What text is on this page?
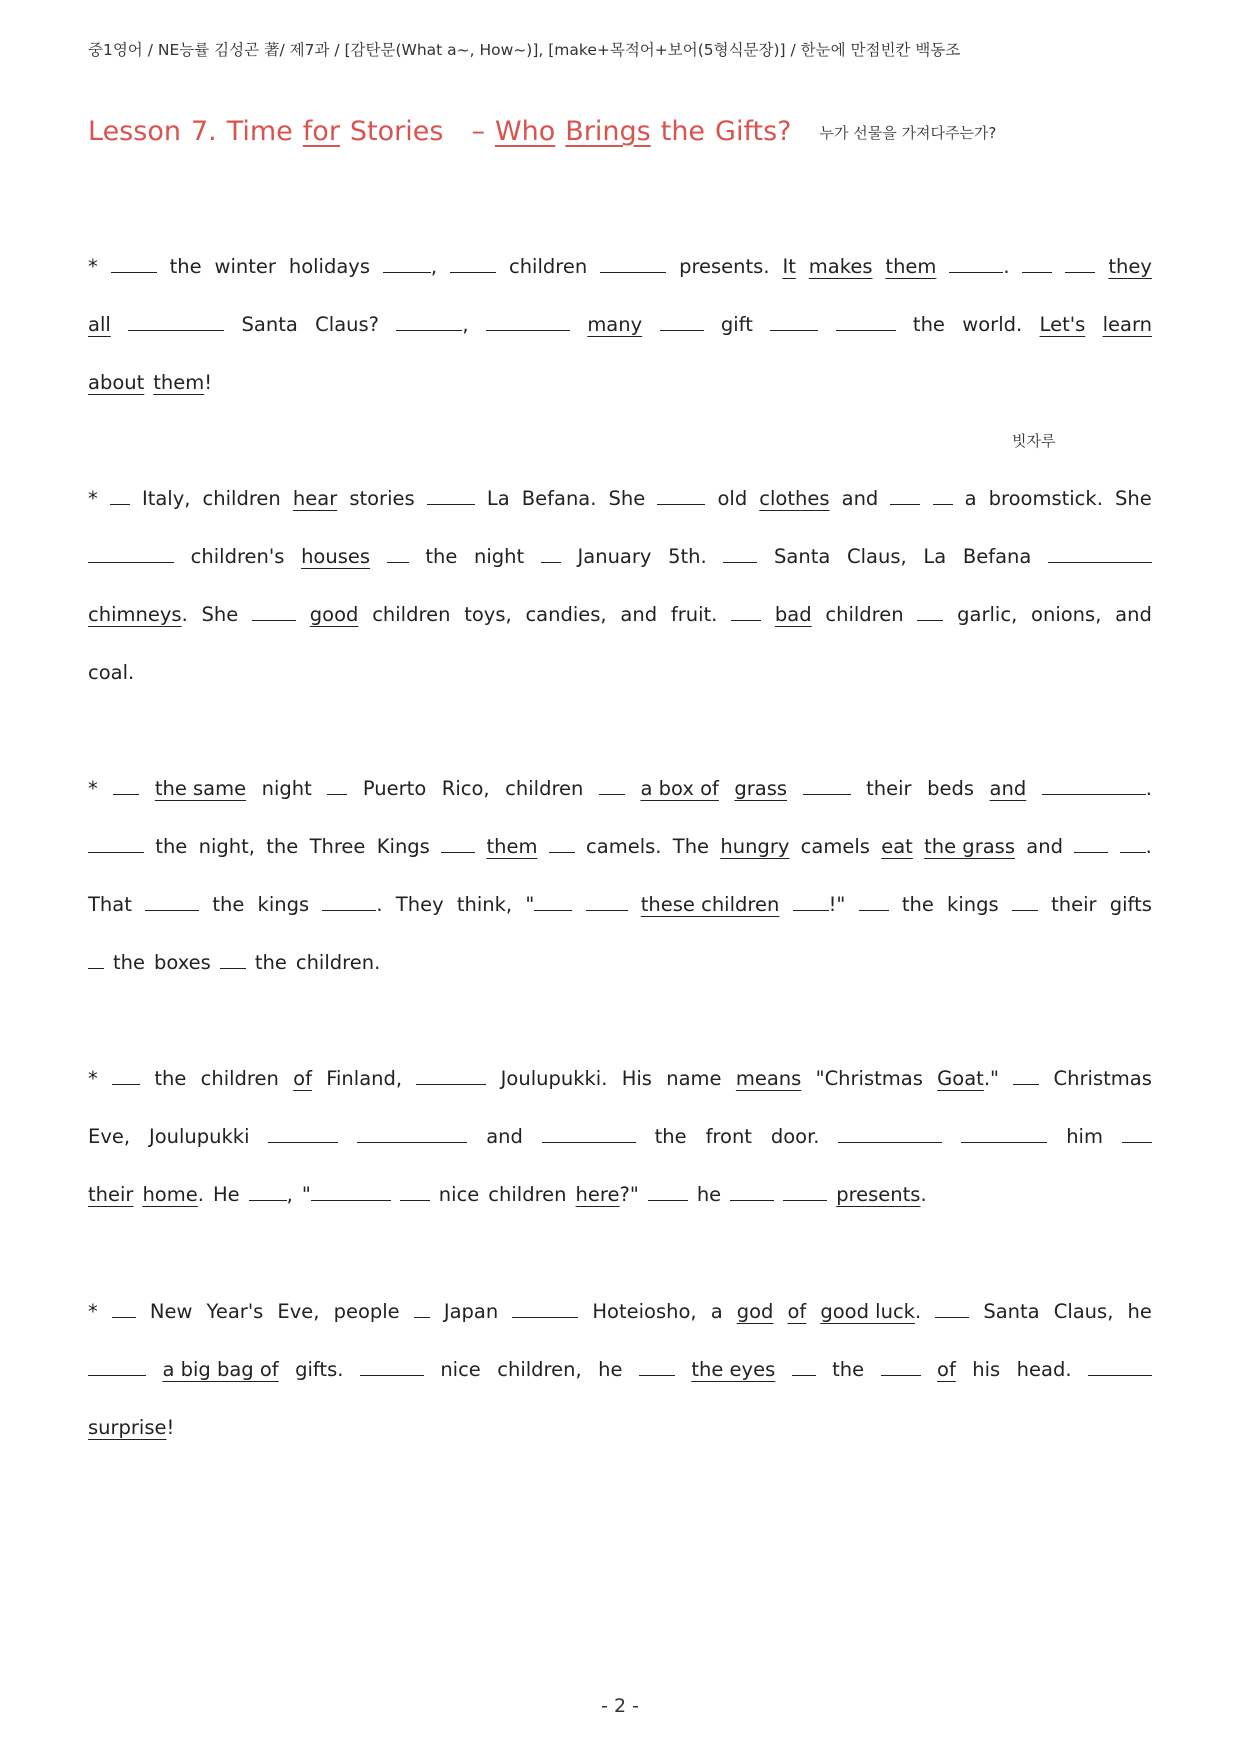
중1영어 / NE능률 김성곤 著/ 제7과 / [감탄문(What a~, How~)], [make+목적어+보어(5형식문장)] / 한눈에 만점빈칸 백동조
Lesson 7. Time for Stories – Who Brings the Gifts? 누가 선물을 가져다주는가?
*	the winter holidays	,	children	presents. It makes them	.	they
all	Santa Claus?	,	many	gift	the world. Let's learn
about them!
빗자루
* Italy, children hear stories	La Befana. She	old clothes and	a broomstick. She
children's houses	the night	January 5th.	Santa Claus, La Befana
chimneys. She	good children toys, candies, and fruit.	bad children	garlic, onions, and
coal.
*	the same night	Puerto Rico, children	a box of grass	their beds and	.
the night, the Three Kings	them camels. The hungry camels eat the grass and	.
That	the kings	. They think, "	these children	!"	the kings	their gifts
the boxes the children.
*	the children of Finland,	Joulupukki. His name means "Christmas Goat."	Christmas
Eve, Joulupukki	and	the front door.	him
their home. He	, "	nice children here?"	he	presents.
*	New Year's Eve, people Japan	Hoteiosho, a god of good luck.	Santa Claus, he
a big bag of gifts.	nice children, he	the eyes	the	of his head.
surprise!
- 2 -
